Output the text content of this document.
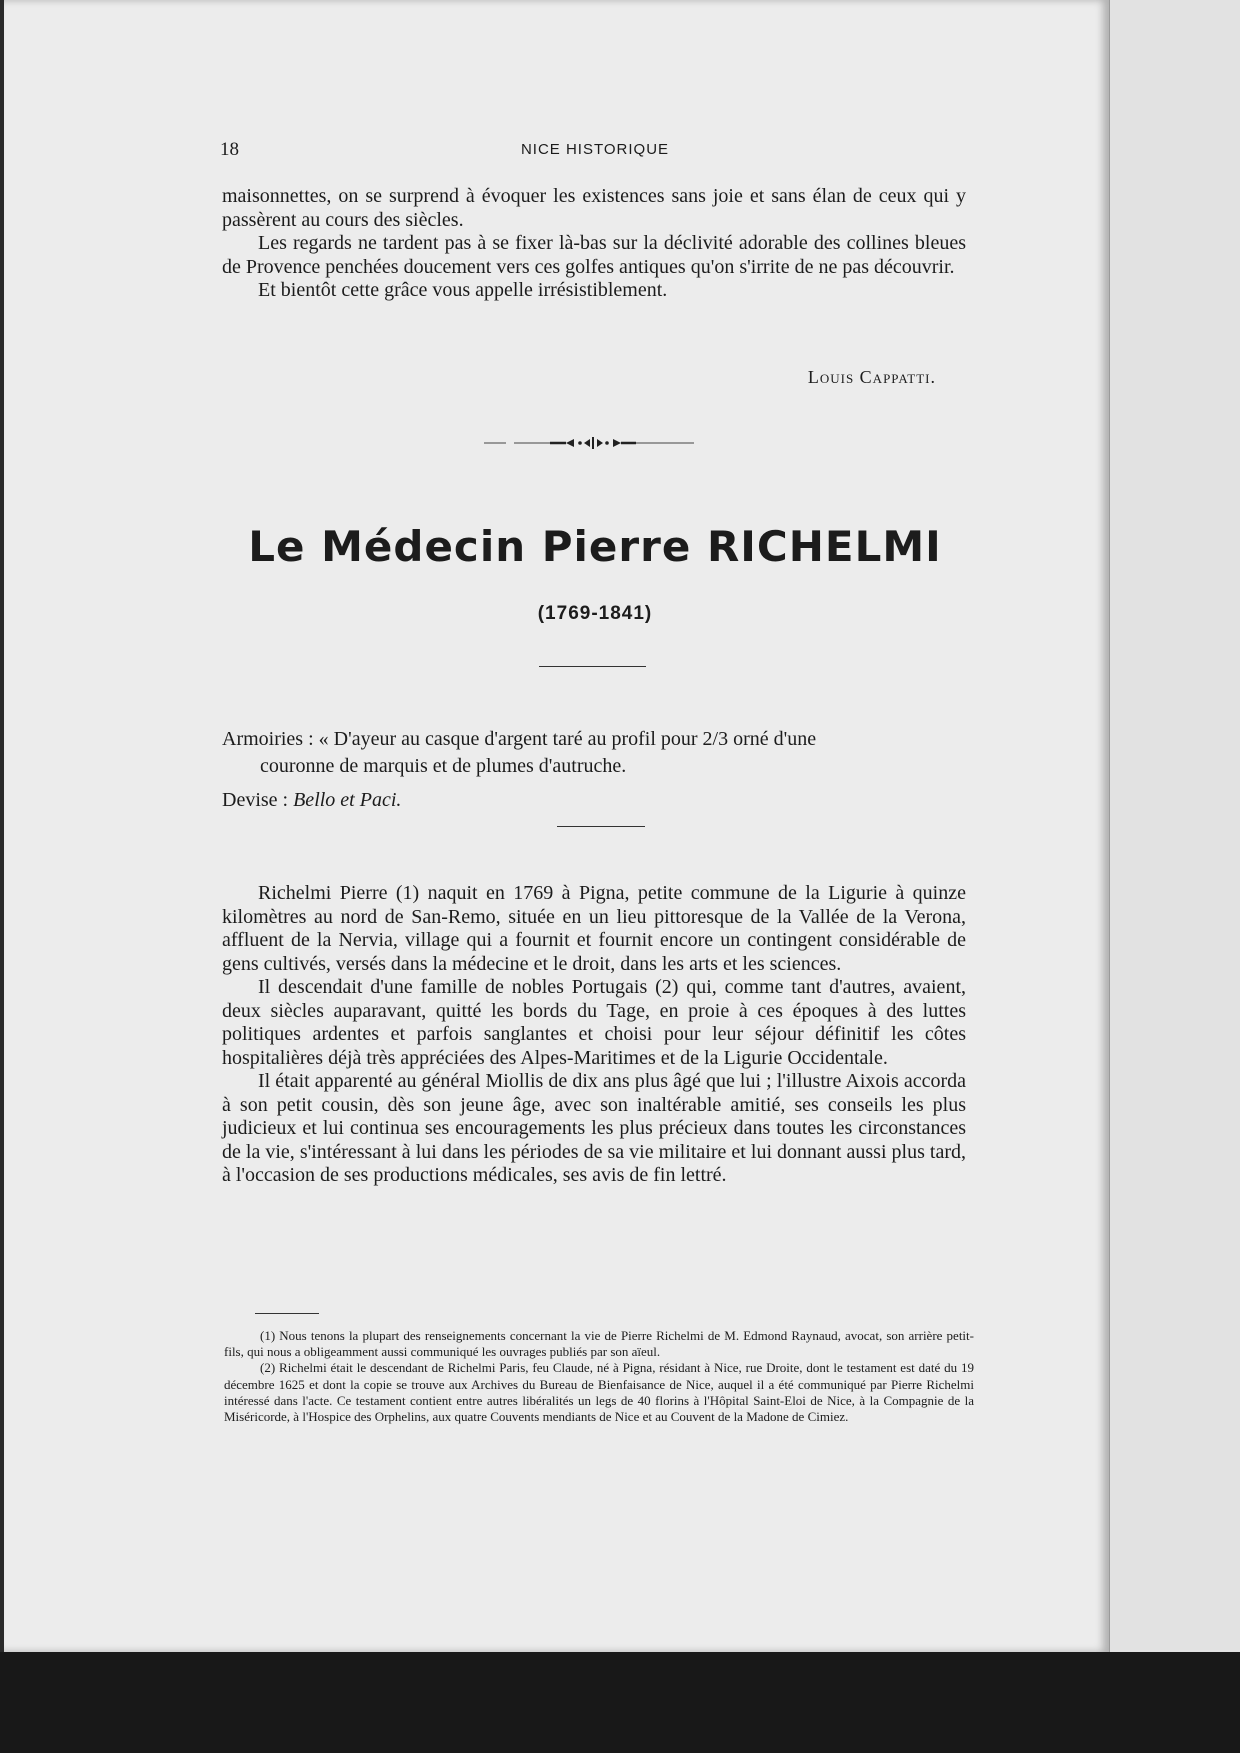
18	NICE HISTORIQUE

maisonnettes, on se surprend à évoquer les existences sans joie et sans élan de ceux qui y passèrent au cours des siècles.

Les regards ne tardent pas à se fixer là-bas sur la déclivité adorable des collines bleues de Provence penchées doucement vers ces golfes antiques qu'on s'irrite de ne pas découvrir.

Et bientôt cette grâce vous appelle irrésistiblement.

Louis Cappatti.
Le Médecin Pierre RICHELMI
(1769-1841)
Armoiries : « D'ayeur au casque d'argent taré au profil pour 2/3 orné d'une
couronne de marquis et de plumes d'autruche.
Devise : Bello et Paci.

Richelmi Pierre (1) naquit en 1769 à Pigna, petite commune de la Ligurie à quinze kilomètres au nord de San-Remo, située en un lieu pittoresque de la Vallée de la Verona, affluent de la Nervia, village qui a fournit et fournit encore un contingent considérable de gens cultivés, versés dans la médecine et le droit, dans les arts et les sciences.

Il descendait d'une famille de nobles Portugais (2) qui, comme tant d'autres, avaient, deux siècles auparavant, quitté les bords du Tage, en proie à ces époques à des luttes politiques ardentes et parfois sanglantes et choisi pour leur séjour définitif les côtes hospitalières déjà très appréciées des Alpes-Maritimes et de la Ligurie Occidentale.

Il était apparenté au général Miollis de dix ans plus âgé que lui ; l'illustre Aixois accorda à son petit cousin, dès son jeune âge, avec son inaltérable amitié, ses conseils les plus judicieux et lui continua ses encouragements les plus précieux dans toutes les circonstances de la vie, s'intéressant à lui dans les périodes de sa vie militaire et lui donnant aussi plus tard, à l'occasion de ses productions médicales, ses avis de fin lettré.

(1) Nous tenons la plupart des renseignements concernant la vie de Pierre Richelmi de M. Edmond Raynaud, avocat, son arrière petit-fils, qui nous a obligeamment aussi communiqué les ouvrages publiés par son aïeul.

(2) Richelmi était le descendant de Richelmi Paris, feu Claude, né à Pigna, résidant à Nice, rue Droite, dont le testament est daté du 19 décembre 1625 et dont la copie se trouve aux Archives du Bureau de Bienfaisance de Nice, auquel il a été communiqué par Pierre Richelmi intéressé dans l'acte. Ce testament contient entre autres libéralités un legs de 40 florins à l'Hôpital Saint-Eloi de Nice, à la Compagnie de la Miséricorde, à l'Hospice des Orphelins, aux quatre Couvents mendiants de Nice et au Couvent de la Madone de Cimiez.
